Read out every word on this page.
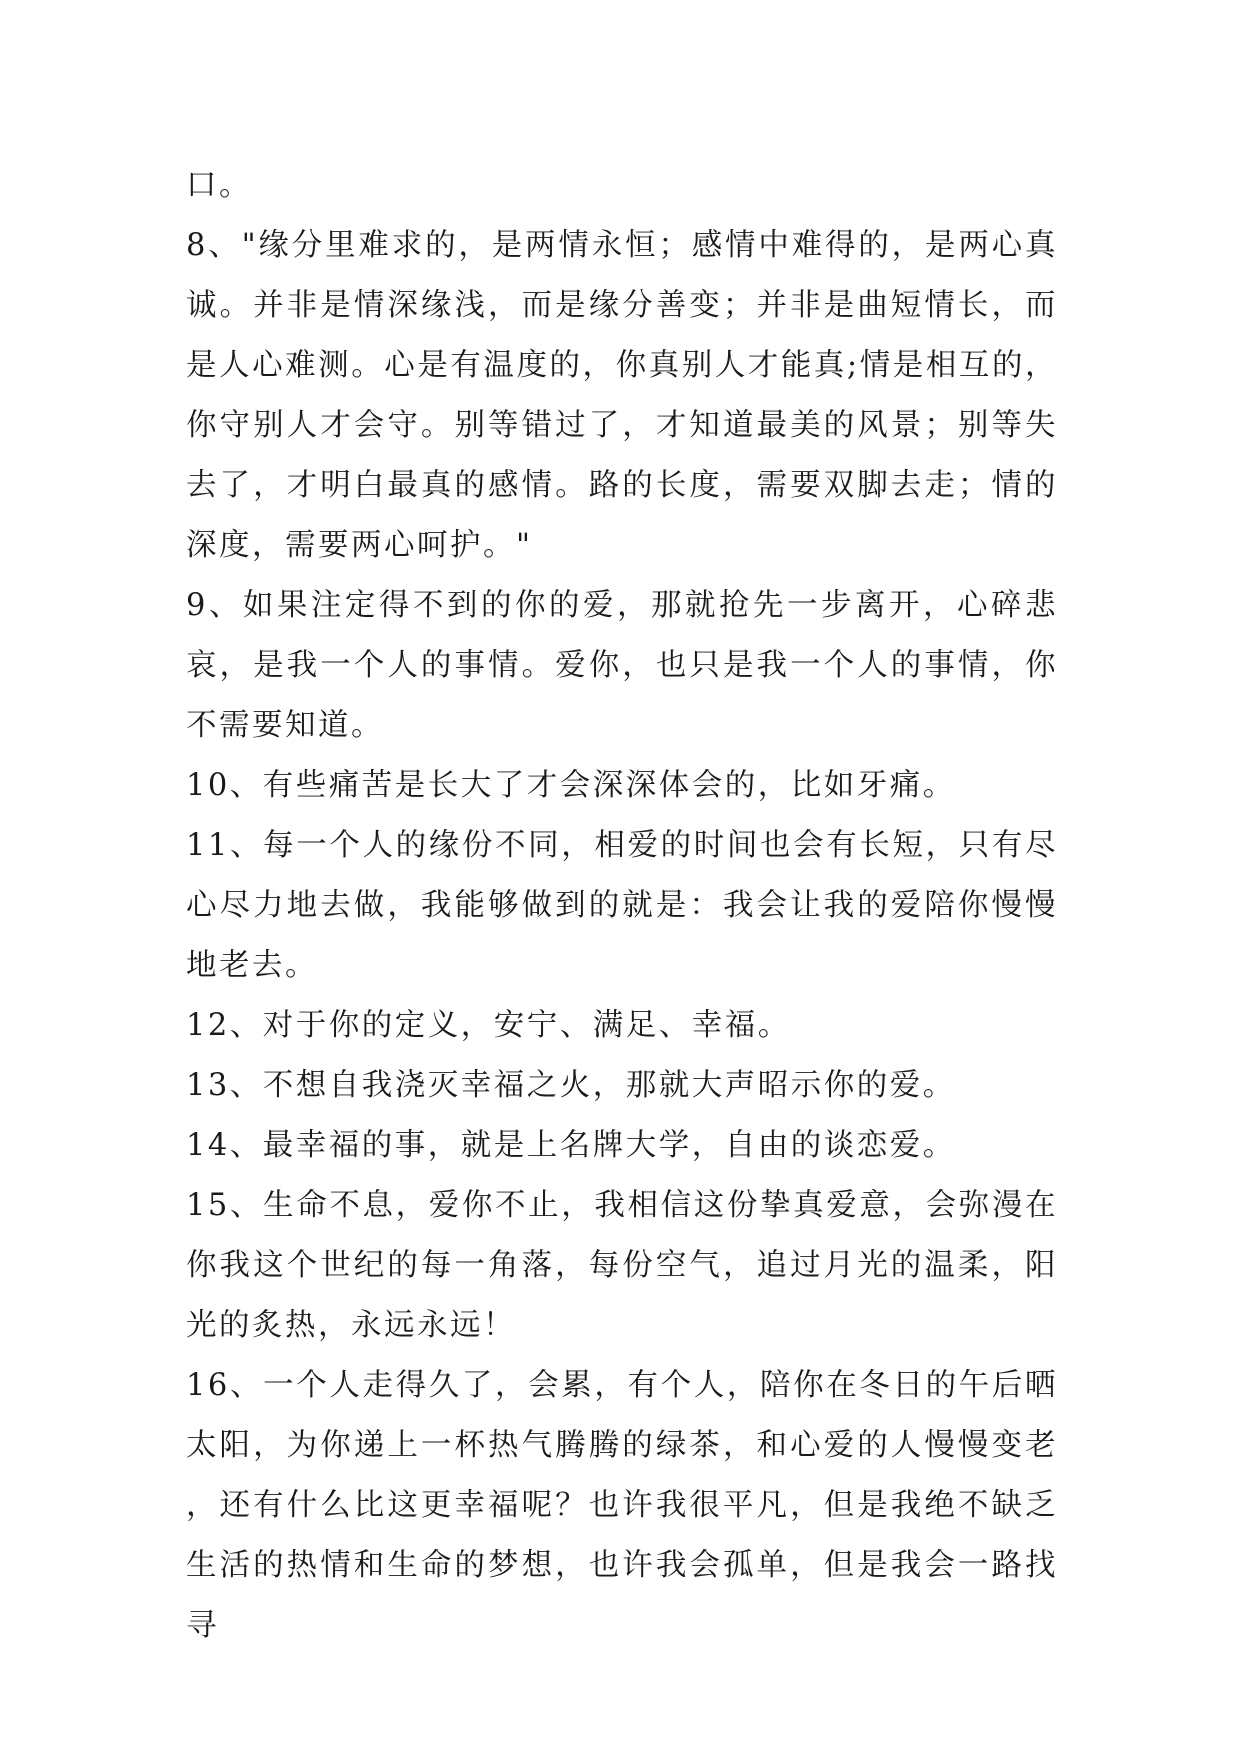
口。

8、"缘分里难求的，是两情永恒；感情中难得的，是两心真诚。并非是情深缘浅，而是缘分善变；并非是曲短情长，而是人心难测。心是有温度的，你真别人才能真;情是相互的，你守别人才会守。别等错过了，才知道最美的风景；别等失去了，才明白最真的感情。路的长度，需要双脚去走；情的深度，需要两心呵护。"

9、如果注定得不到的你的爱，那就抢先一步离开，心碎悲哀，是我一个人的事情。爱你，也只是我一个人的事情，你不需要知道。

10、有些痛苦是长大了才会深深体会的，比如牙痛。

11、每一个人的缘份不同，相爱的时间也会有长短，只有尽心尽力地去做，我能够做到的就是：我会让我的爱陪你慢慢地老去。

12、对于你的定义，安宁、满足、幸福。

13、不想自我浇灭幸福之火，那就大声昭示你的爱。

14、最幸福的事，就是上名牌大学，自由的谈恋爱。

15、生命不息，爱你不止，我相信这份挚真爱意，会弥漫在你我这个世纪的每一角落，每份空气，追过月光的温柔，阳光的炙热，永远永远！

16、一个人走得久了，会累，有个人，陪你在冬日的午后晒太阳，为你递上一杯热气腾腾的绿茶，和心爱的人慢慢变老，还有什么比这更幸福呢？也许我很平凡，但是我绝不缺乏生活的热情和生命的梦想，也许我会孤单，但是我会一路找寻
